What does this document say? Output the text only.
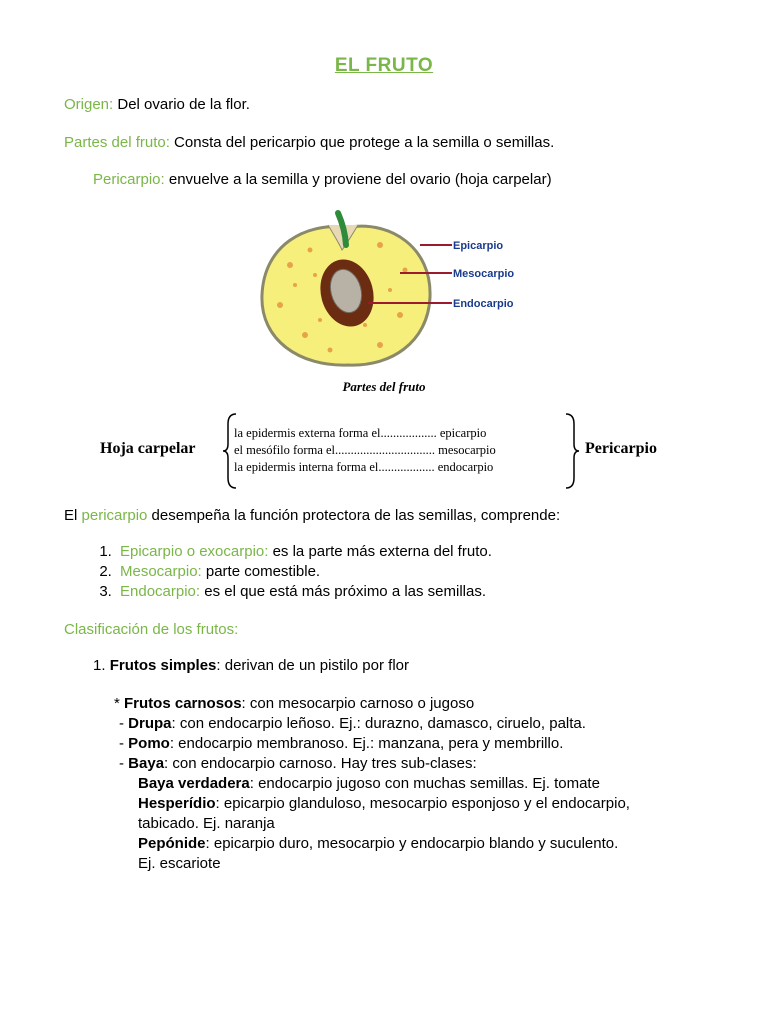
EL FRUTO
Origen: Del ovario de la flor.
Partes del fruto: Consta del pericarpio que protege a la semilla o semillas.
Pericarpio: envuelve a la semilla y proviene del ovario (hoja carpelar)
Epicarpio
Mesocarpio
Endocarpio
Partes del fruto
Hoja carpelar
la epidermis externa forma el.................. epicarpio
el mesófilo forma el................................ mesocarpio
la epidermis interna forma el.................. endocarpio
Pericarpio
El pericarpio desempeña la función protectora de las semillas, comprende:
1. Epicarpio o exocarpio: es la parte más externa del fruto.
2. Mesocarpio: parte comestible.
3. Endocarpio: es el que está más próximo a las semillas.
Clasificación de los frutos:
1. Frutos simples: derivan de un pistilo por flor
* Frutos carnosos: con mesocarpio carnoso o jugoso
- Drupa: con endocarpio leñoso. Ej.: durazno, damasco, ciruelo, palta.
- Pomo: endocarpio membranoso. Ej.: manzana, pera y membrillo.
- Baya: con endocarpio carnoso. Hay tres sub-clases:
Baya verdadera: endocarpio jugoso con muchas semillas. Ej. tomate
Hesperídio: epicarpio glanduloso, mesocarpio esponjoso y el endocarpio,
tabicado. Ej. naranja
Pepónide: epicarpio duro, mesocarpio y endocarpio blando y suculento.
Ej. escariote
